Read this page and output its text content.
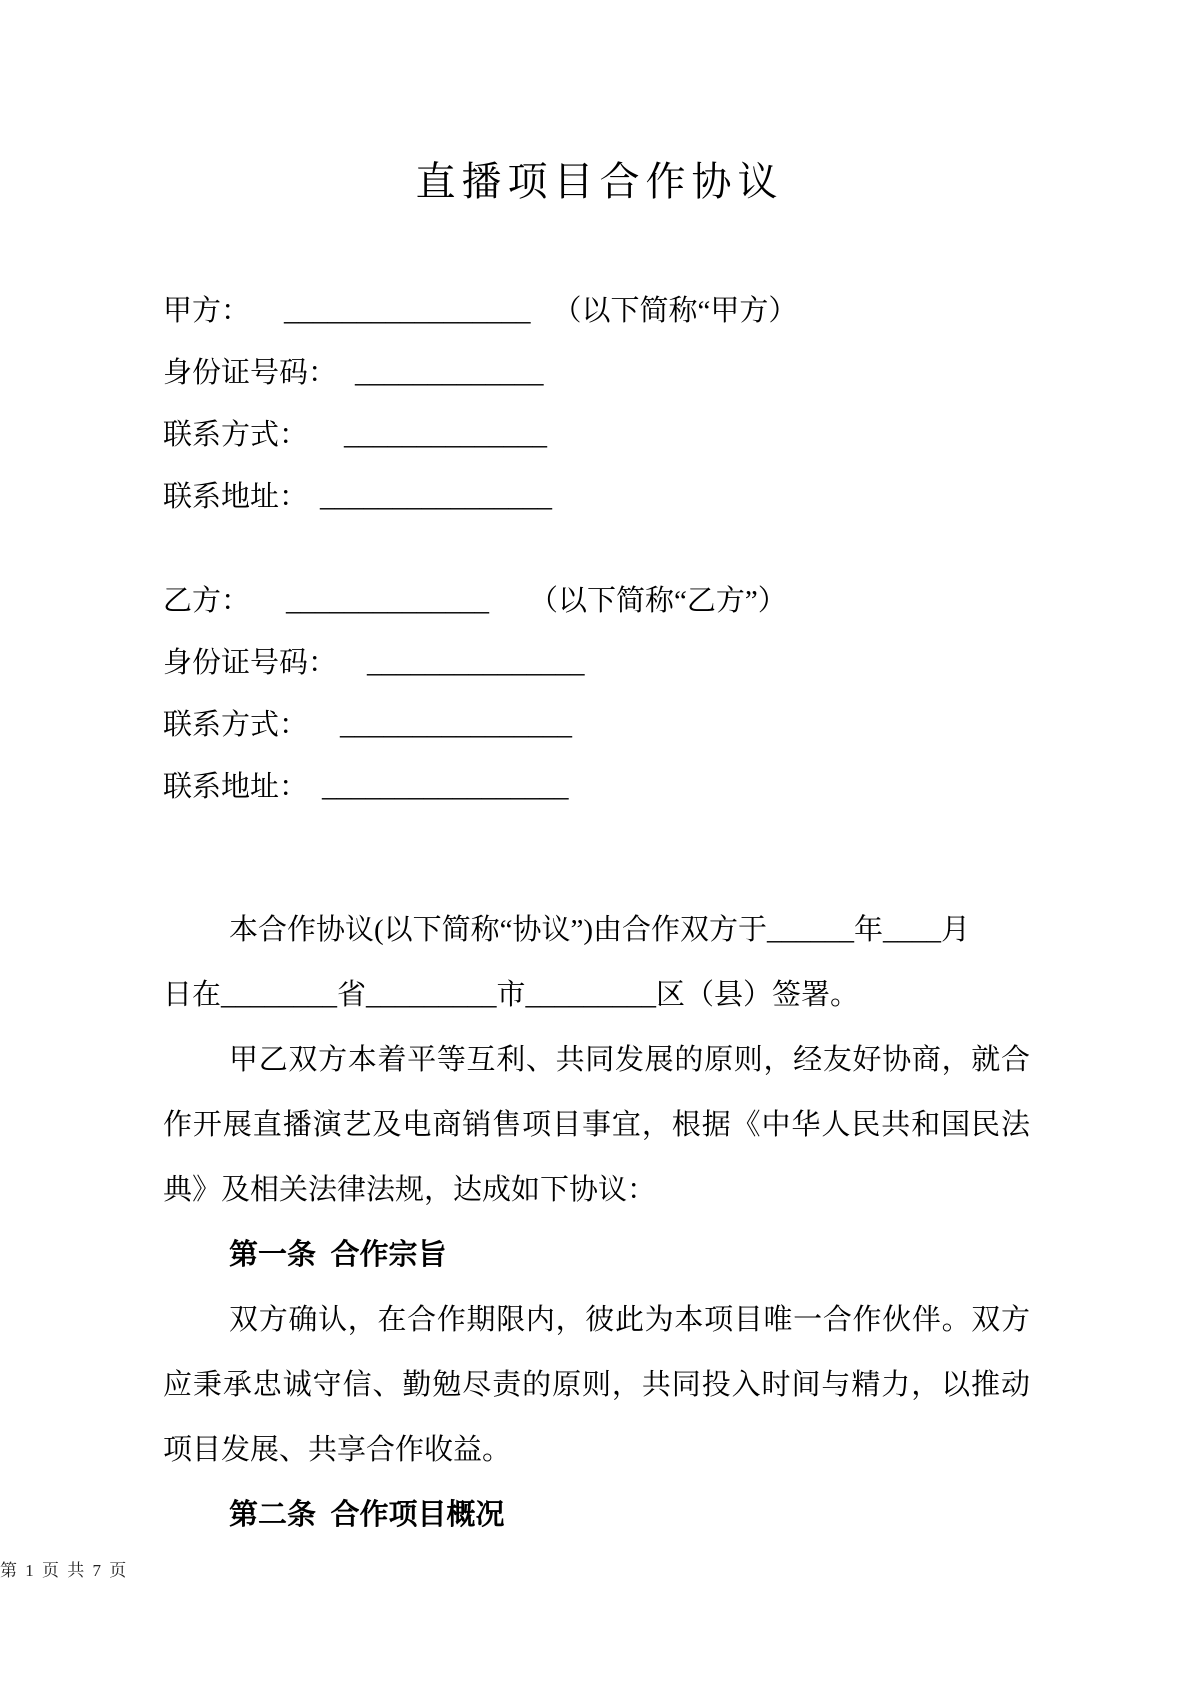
直播项目合作协议
甲方： _________________ （以下简称“甲方）
身份证号码： _____________
联系方式： ______________
联系地址： ________________
乙方： ______________ （以下简称“乙方”）
身份证号码： _______________
联系方式： ________________
联系地址： _________________
本合作协议(以下简称“协议”)由合作双方于______年____月
日在________省_________市_________区（县）签署。
甲乙双方本着平等互利、共同发展的原则，经友好协商，就合
作开展直播演艺及电商销售项目事宜，根据《中华人民共和国民法
典》及相关法律法规，达成如下协议：
第一条  合作宗旨
双方确认，在合作期限内，彼此为本项目唯一合作伙伴。双方
应秉承忠诚守信、勤勉尽责的原则，共同投入时间与精力，以推动
项目发展、共享合作收益。
第二条  合作项目概况
第 1 页 共 7 页
